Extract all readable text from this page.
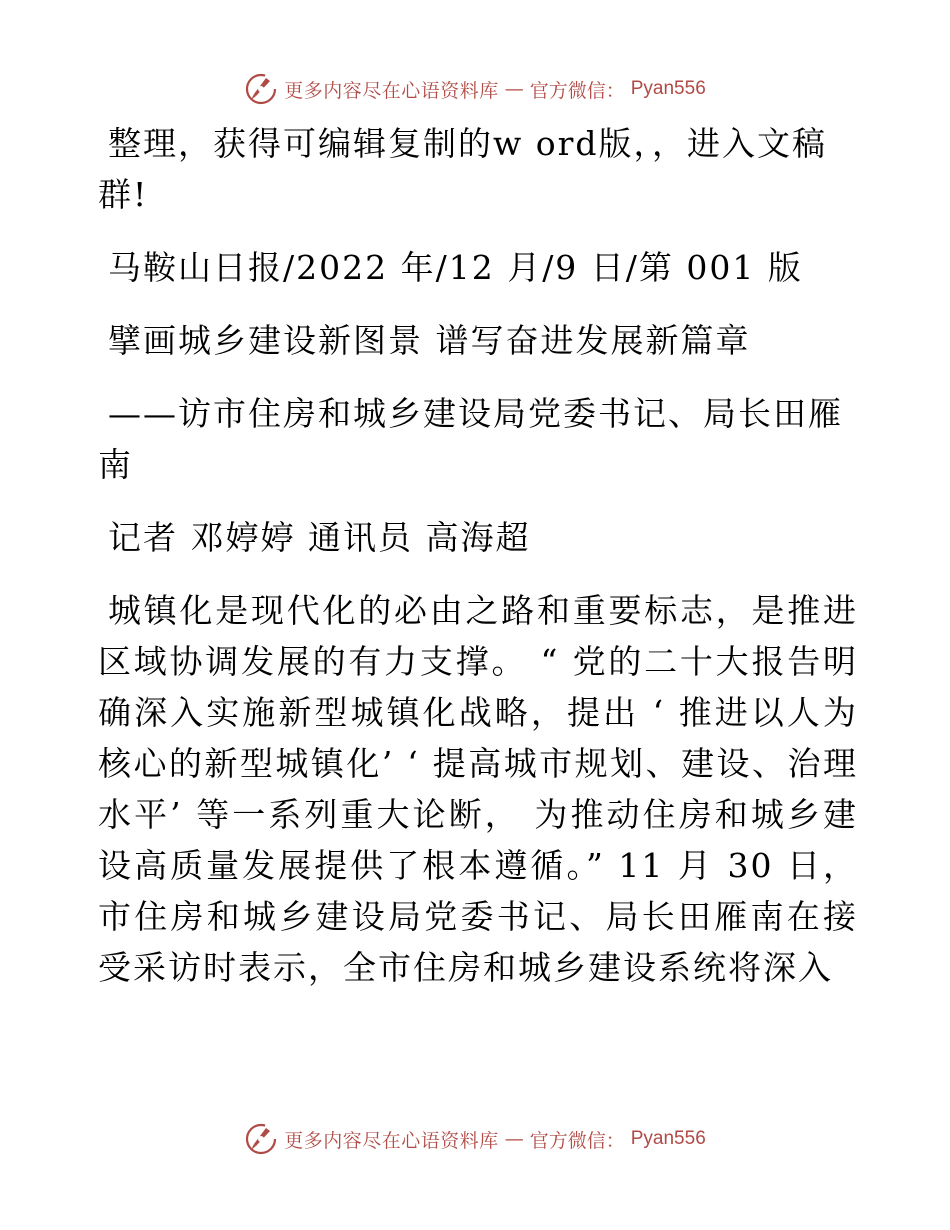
更多内容尽在心语资料库 — 官方微信： Pyan556

整理，获得可编辑复制的w ord版，，进入文稿群!

马鞍山日报/2022 年/12 月/9 日/第 001 版

擘画城乡建设新图景 谱写奋进发展新篇章

——访市住房和城乡建设局党委书记、局长田雁南

记者 邓婷婷 通讯员 高海超

城镇化是现代化的必由之路和重要标志，是推进区域协调发展的有力支撑。 “ 党的二十大报告明确深入实施新型城镇化战略，提出 ‘ 推进以人为核心的新型城镇化’ ‘ 提高城市规划、建设、治理水平’ 等一系列重大论断， 为推动住房和城乡建设高质量发展提供了根本遵循。” 11 月 30 日，市住房和城乡建设局党委书记、局长田雁南在接受采访时表示，全市住房和城乡建设系统将深入

更多内容尽在心语资料库 — 官方微信： Pyan556
